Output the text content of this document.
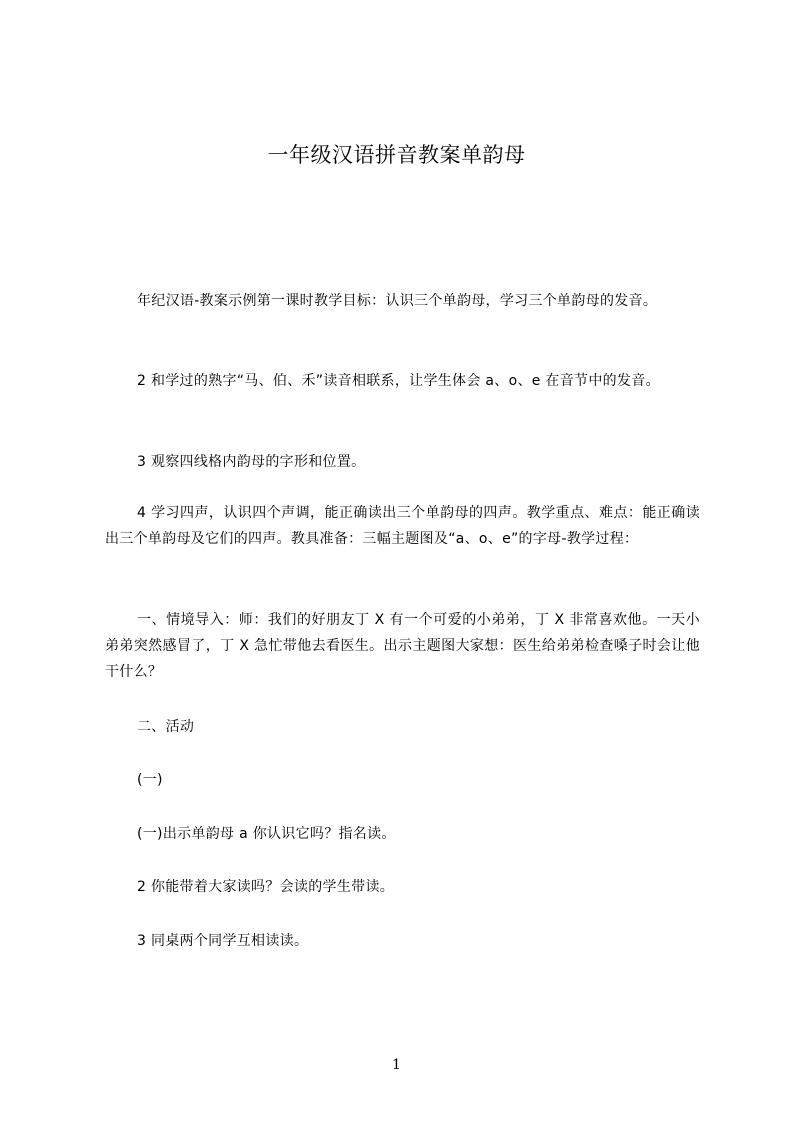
一年级汉语拼音教案单韵母

年纪汉语-教案示例第一课时教学目标：认识三个单韵母，学习三个单韵母的发音。

2 和学过的熟字“马、伯、禾”读音相联系，让学生体会 a、o、e 在音节中的发音。

3 观察四线格内韵母的字形和位置。

4 学习四声，认识四个声调，能正确读出三个单韵母的四声。教学重点、难点：能正确读出三个单韵母及它们的四声。教具准备：三幅主题图及“a、o、e”的字母-教学过程：

一、情境导入：师：我们的好朋友丁 X 有一个可爱的小弟弟，丁 X 非常喜欢他。一天小弟弟突然感冒了，丁 X 急忙带他去看医生。出示主题图大家想：医生给弟弟检查嗓子时会让他干什么？

二、活动

(一)

(一)出示单韵母 a 你认识它吗？指名读。

2 你能带着大家读吗？会读的学生带读。

3 同桌两个同学互相读读。

1
